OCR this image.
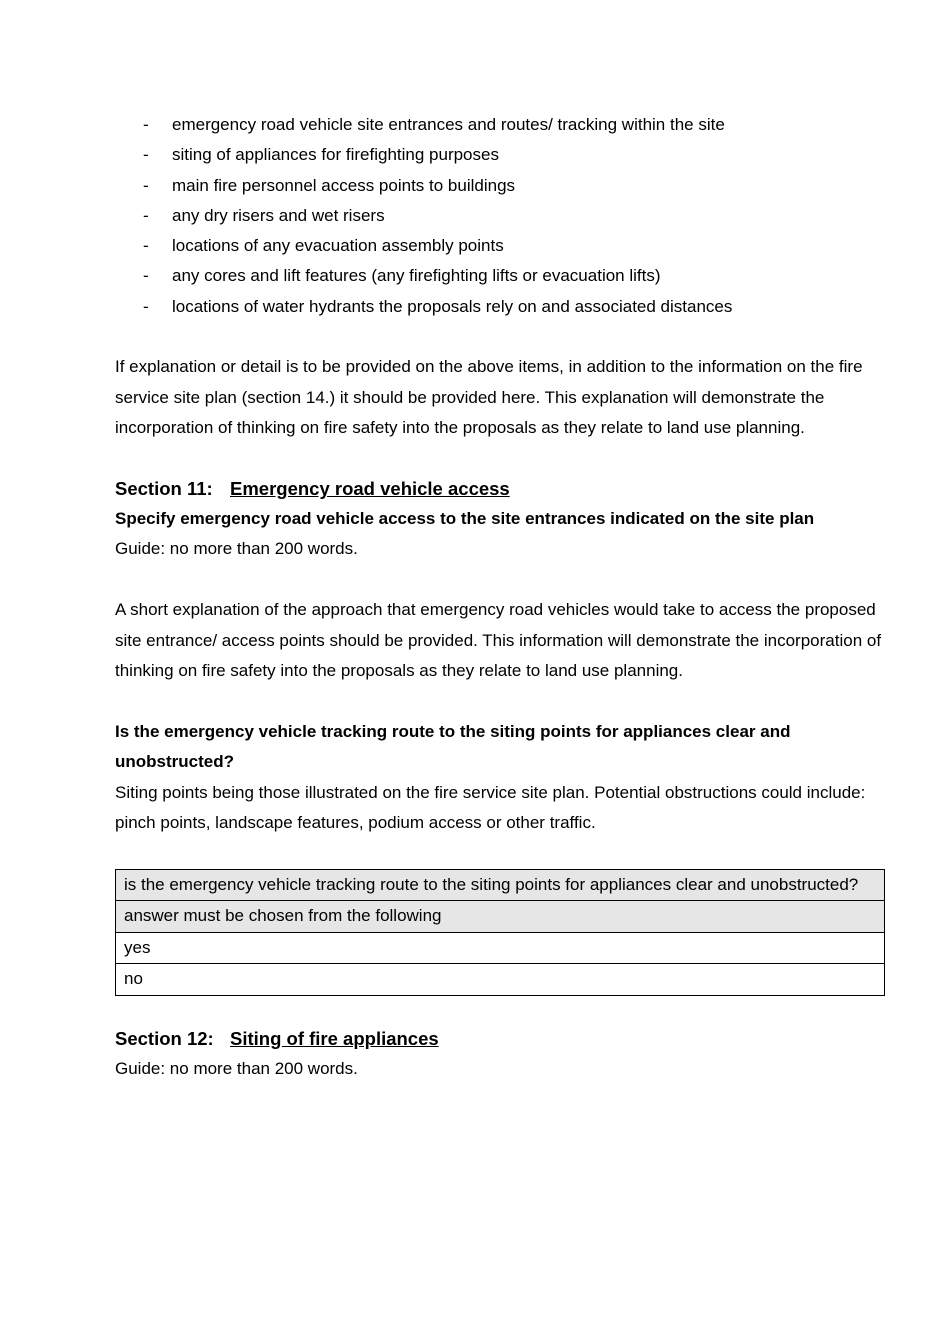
- emergency road vehicle site entrances and routes/ tracking within the site
- siting of appliances for firefighting purposes
- main fire personnel access points to buildings
- any dry risers and wet risers
- locations of any evacuation assembly points
- any cores and lift features (any firefighting lifts or evacuation lifts)
- locations of water hydrants the proposals rely on and associated distances

If explanation or detail is to be provided on the above items, in addition to the information on the fire service site plan (section 14.) it should be provided here. This explanation will demonstrate the incorporation of thinking on fire safety into the proposals as they relate to land use planning.

Section 11: Emergency road vehicle access

Specify emergency road vehicle access to the site entrances indicated on the site plan

Guide: no more than 200 words.

A short explanation of the approach that emergency road vehicles would take to access the proposed site entrance/ access points should be provided. This information will demonstrate the incorporation of thinking on fire safety into the proposals as they relate to land use planning.

Is the emergency vehicle tracking route to the siting points for appliances clear and unobstructed?

Siting points being those illustrated on the fire service site plan. Potential obstructions could include: pinch points, landscape features, podium access or other traffic.

is the emergency vehicle tracking route to the siting points for appliances clear and unobstructed?
answer must be chosen from the following
yes
no
Section 12: Siting of fire appliances

Guide: no more than 200 words.
